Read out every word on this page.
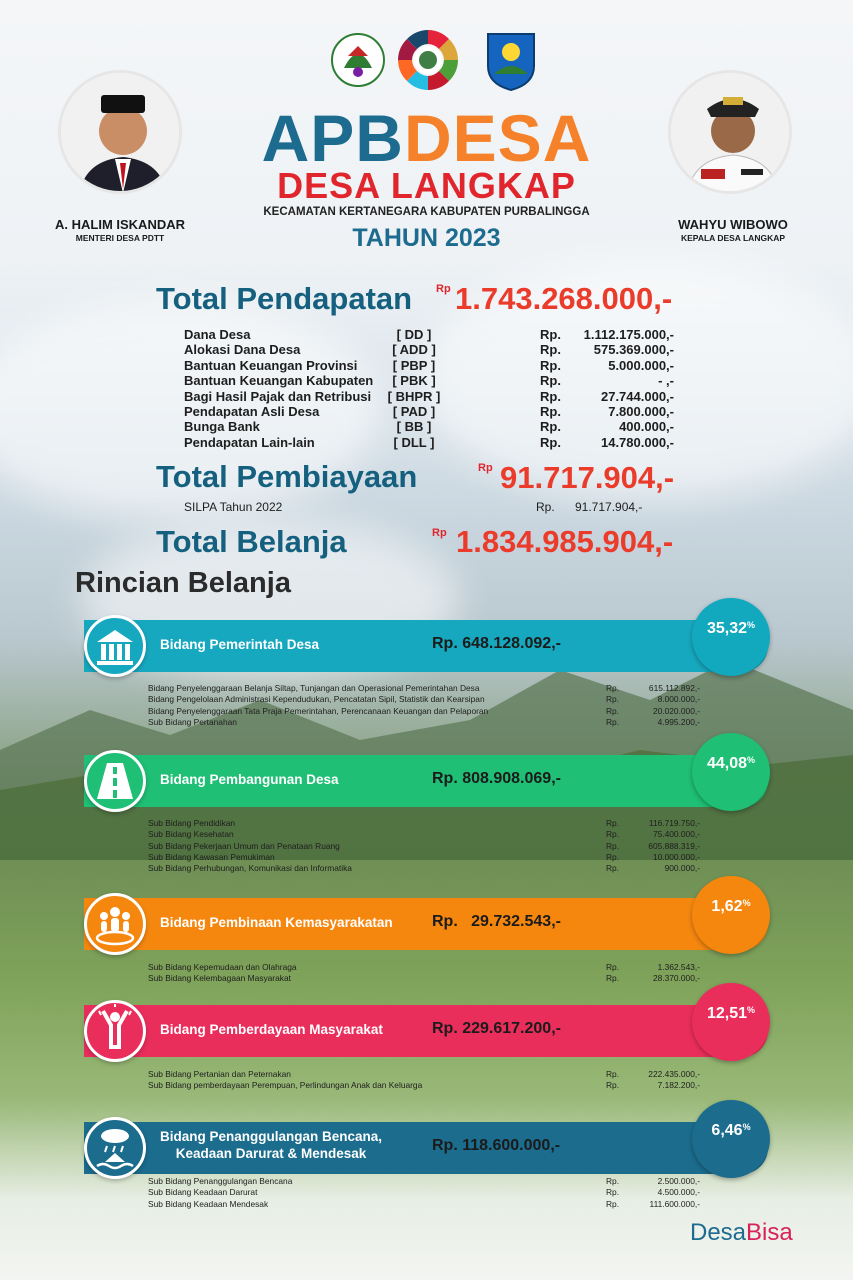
A. HALIM ISKANDAR
MENTERI DESA PDTT
WAHYU WIBOWO
KEPALA DESA LANGKAP
APBDESA
DESA LANGKAP
KECAMATAN KERTANEGARA KABUPATEN PURBALINGGA
TAHUN 2023
Total Pendapatan Rp 1.743.268.000,-
Dana Desa	[ DD ]	Rp. 1.112.175.000,-
Alokasi Dana Desa	[ ADD ]	Rp.	575.369.000,-
Bantuan Keuangan Provinsi	[ PBP ]	Rp.	5.000.000,-
Bantuan Keuangan Kabupaten	[ PBK ]	Rp.	- ,-
Bagi Hasil Pajak dan Retribusi [ BHPR ]	Rp.	27.744.000,-
Pendapatan Asli Desa	[ PAD ]	Rp.	7.800.000,-
Bunga Bank	[ BB ]	Rp.	400.000,-
Pendapatan Lain-lain	[ DLL ]	Rp.	14.780.000,-
Total Pembiayaan	Rp 91.717.904,-
SILPA Tahun 2022	Rp. 91.717.904,-
Total Belanja	Rp 1.834.985.904,-
Rincian Belanja
Bidang Pemerintah Desa	Rp. 648.128.092,-
35,32%
Bidang Penyelenggaraan Belanja Siltap, Tunjangan dan Operasional Pemerintahan Desa	Rp.	615.112.892,-
Bidang Pengelolaan Administrasi Kependudukan, Pencatatan Sipil, Statistik dan Kearsipan	Rp.	8.000.000,-
Bidang Penyelenggaraan Tata Praja Pemerintahan, Perencanaan Keuangan dan Pelaporan	Rp.	20.020.000,-
Sub Bidang Pertanahan	Rp.	4.995.200,-
Bidang Pembangunan Desa	Rp. 808.908.069,-
44,08%
Sub Bidang Pendidikan	Rp.	116.719.750,-
Sub Bidang Kesehatan	Rp.	75.400.000,-
Sub Bidang Pekerjaan Umum dan Penataan Ruang	Rp.	605.888.319,-
Sub Bidang Kawasan Pemukiman	Rp.	10.000.000,-
Sub Bidang Perhubungan, Komunikasi dan Informatika	Rp.	900.000,-
Bidang Pembinaan Kemasyarakatan Rp.   29.732.543,-
1,62%
Sub Bidang Kepemudaan dan Olahraga	Rp.	1.362.543,-
Sub Bidang Kelembagaan Masyarakat	Rp.	28.370.000,-
Bidang Pemberdayaan Masyarakat	Rp. 229.617.200,-
12,51%
Sub Bidang Pertanian dan Peternakan	Rp.	222.435.000,-
Sub Bidang pemberdayaan Perempuan, Perlindungan Anak dan Keluarga	Rp.	7.182.200,-
Bidang Penanggulangan Bencana,
Keadaan Darurat & Mendesak	Rp. 118.600.000,-
6,46%
Sub Bidang Penanggulangan Bencana	Rp.	2.500.000,-
Sub Bidang Keadaan Darurat	Rp.	4.500.000,-
Sub Bidang Keadaan Mendesak	Rp.	111.600.000,-
DesaBisa
